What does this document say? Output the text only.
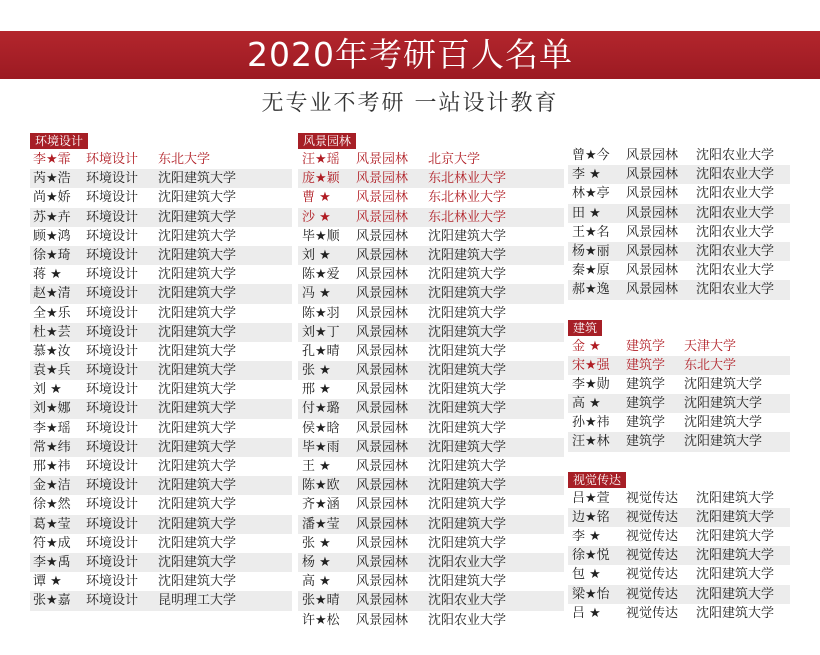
2020年考研百人名单
无专业不考研 一站设计教育
环境设计
李★霏	环境设计	东北大学
芮★浩	环境设计	沈阳建筑大学
尚★娇	环境设计	沈阳建筑大学
苏★卉	环境设计	沈阳建筑大学
顾★鸿	环境设计	沈阳建筑大学
徐★琦	环境设计	沈阳建筑大学
蒋 ★	环境设计	沈阳建筑大学
赵★清	环境设计	沈阳建筑大学
全★乐	环境设计	沈阳建筑大学
杜★芸	环境设计	沈阳建筑大学
慕★汝	环境设计	沈阳建筑大学
袁★兵	环境设计	沈阳建筑大学
刘 ★	环境设计	沈阳建筑大学
刘★娜	环境设计	沈阳建筑大学
李★瑶	环境设计	沈阳建筑大学
常★纬	环境设计	沈阳建筑大学
邢★祎	环境设计	沈阳建筑大学
金★洁	环境设计	沈阳建筑大学
徐★然	环境设计	沈阳建筑大学
葛★莹	环境设计	沈阳建筑大学
符★成	环境设计	沈阳建筑大学
李★禹	环境设计	沈阳建筑大学
谭 ★	环境设计	沈阳建筑大学
张★嘉	环境设计	昆明理工大学
风景园林
汪★瑶	风景园林	北京大学
庞★颖	风景园林	东北林业大学
曹 ★	风景园林	东北林业大学
沙 ★	风景园林	东北林业大学
毕★顺	风景园林	沈阳建筑大学
刘 ★	风景园林	沈阳建筑大学
陈★爱	风景园林	沈阳建筑大学
冯 ★	风景园林	沈阳建筑大学
陈★羽	风景园林	沈阳建筑大学
刘★丁	风景园林	沈阳建筑大学
孔★晴	风景园林	沈阳建筑大学
张 ★	风景园林	沈阳建筑大学
邢 ★	风景园林	沈阳建筑大学
付★璐	风景园林	沈阳建筑大学
侯★晗	风景园林	沈阳建筑大学
毕★雨	风景园林	沈阳建筑大学
王 ★	风景园林	沈阳建筑大学
陈★欧	风景园林	沈阳建筑大学
齐★涵	风景园林	沈阳建筑大学
潘★莹	风景园林	沈阳建筑大学
张 ★	风景园林	沈阳建筑大学
杨 ★	风景园林	沈阳农业大学
高 ★	风景园林	沈阳建筑大学
张★晴	风景园林	沈阳农业大学
许★松	风景园林	沈阳农业大学
曾★今	风景园林	沈阳农业大学
李 ★	风景园林	沈阳农业大学
林★亭	风景园林	沈阳农业大学
田 ★	风景园林	沈阳农业大学
王★名	风景园林	沈阳农业大学
杨★丽	风景园林	沈阳农业大学
秦★原	风景园林	沈阳农业大学
郝★逸	风景园林	沈阳农业大学
建筑
金 ★	建筑学	天津大学
宋★强	建筑学	东北大学
李★勋	建筑学	沈阳建筑大学
高 ★	建筑学	沈阳建筑大学
孙★祎	建筑学	沈阳建筑大学
汪★林	建筑学	沈阳建筑大学
视觉传达
吕★萱	视觉传达	沈阳建筑大学
边★铭	视觉传达	沈阳建筑大学
李 ★	视觉传达	沈阳建筑大学
徐★悦	视觉传达	沈阳建筑大学
包 ★	视觉传达	沈阳建筑大学
梁★怡	视觉传达	沈阳建筑大学
吕 ★	视觉传达	沈阳建筑大学
